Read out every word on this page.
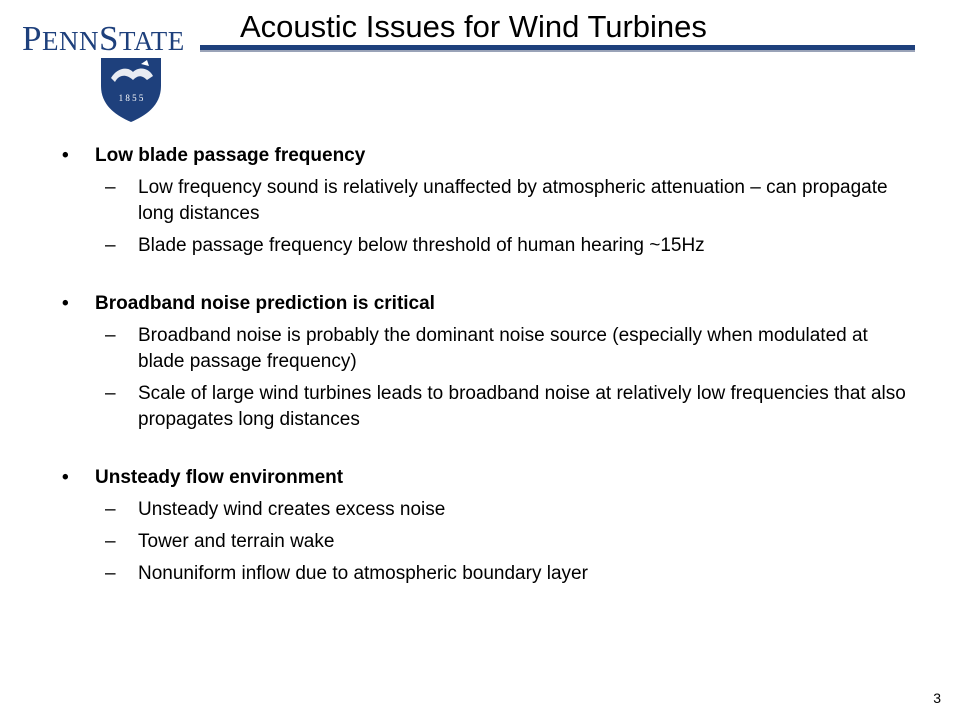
PENNSTATE
1 8 5 5
Acoustic Issues for Wind Turbines
• Low blade passage frequency
– Low frequency sound is relatively unaffected by atmospheric attenuation – can propagate long distances
– Blade passage frequency below threshold of human hearing ~15Hz
• Broadband noise prediction is critical
– Broadband noise is probably the dominant noise source (especially when modulated at blade passage frequency)
– Scale of large wind turbines leads to broadband noise at relatively low frequencies that also propagates long distances
• Unsteady flow environment
– Unsteady wind creates excess noise
– Tower and terrain wake
– Nonuniform inflow due to atmospheric boundary layer
3
